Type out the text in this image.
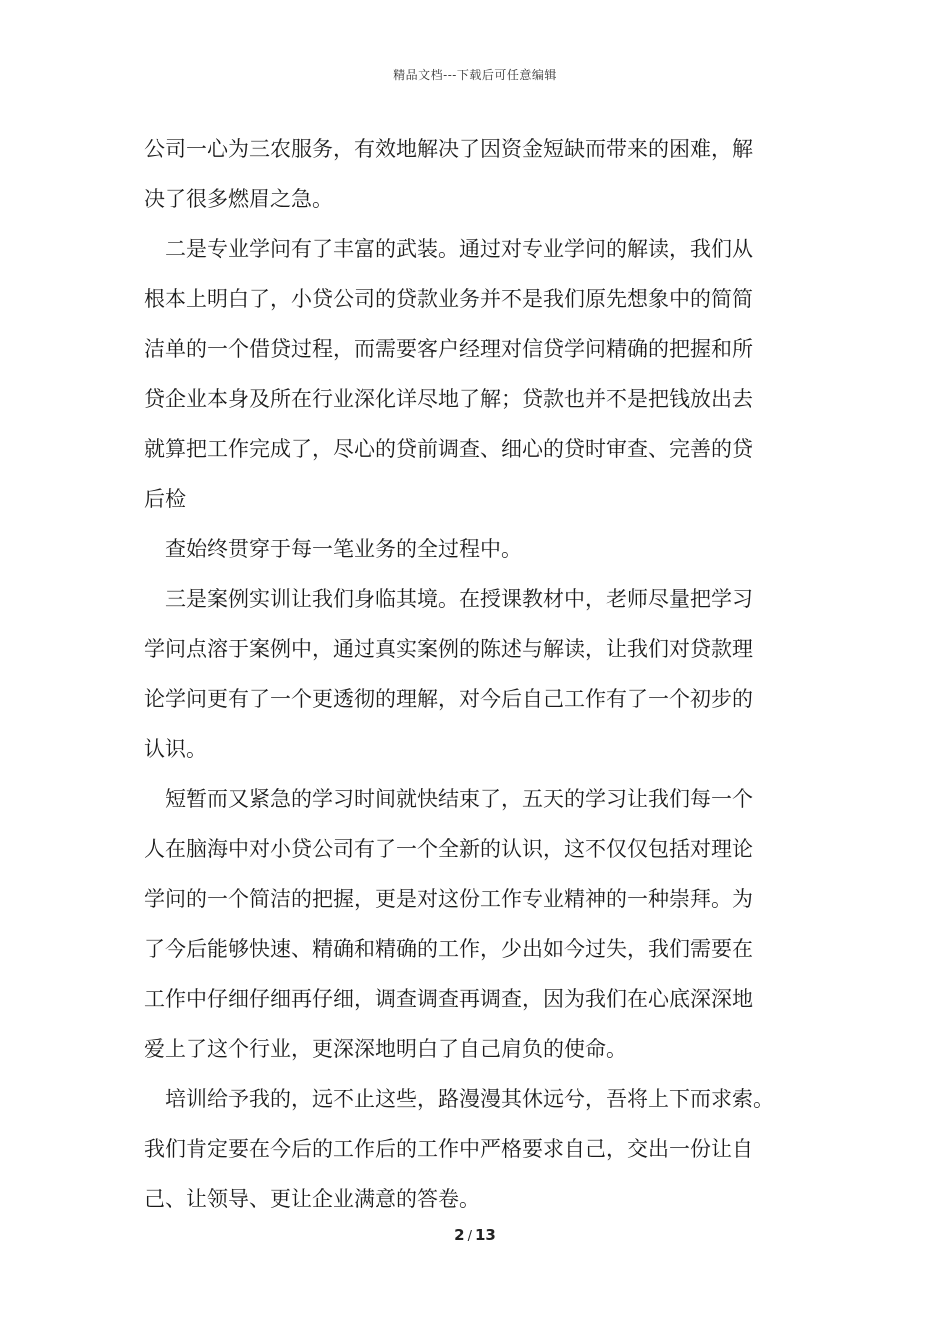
精品文档---下载后可任意编辑
公司一心为三农服务，有效地解决了因资金短缺而带来的困难，解
决了很多燃眉之急。
二是专业学问有了丰富的武装。通过对专业学问的解读，我们从
根本上明白了，小贷公司的贷款业务并不是我们原先想象中的简简
洁单的一个借贷过程，而需要客户经理对信贷学问精确的把握和所
贷企业本身及所在行业深化详尽地了解；贷款也并不是把钱放出去
就算把工作完成了，尽心的贷前调查、细心的贷时审查、完善的贷
后检
查始终贯穿于每一笔业务的全过程中。
三是案例实训让我们身临其境。在授课教材中，老师尽量把学习
学问点溶于案例中，通过真实案例的陈述与解读，让我们对贷款理
论学问更有了一个更透彻的理解，对今后自己工作有了一个初步的
认识。
短暂而又紧急的学习时间就快结束了，五天的学习让我们每一个
人在脑海中对小贷公司有了一个全新的认识，这不仅仅包括对理论
学问的一个简洁的把握，更是对这份工作专业精神的一种崇拜。为
了今后能够快速、精确和精确的工作，少出如今过失，我们需要在
工作中仔细仔细再仔细，调查调查再调查，因为我们在心底深深地
爱上了这个行业，更深深地明白了自己肩负的使命。
培训给予我的，远不止这些，路漫漫其休远兮，吾将上下而求索。
我们肯定要在今后的工作后的工作中严格要求自己，交出一份让自
己、让领导、更让企业满意的答卷。
2 / 13
